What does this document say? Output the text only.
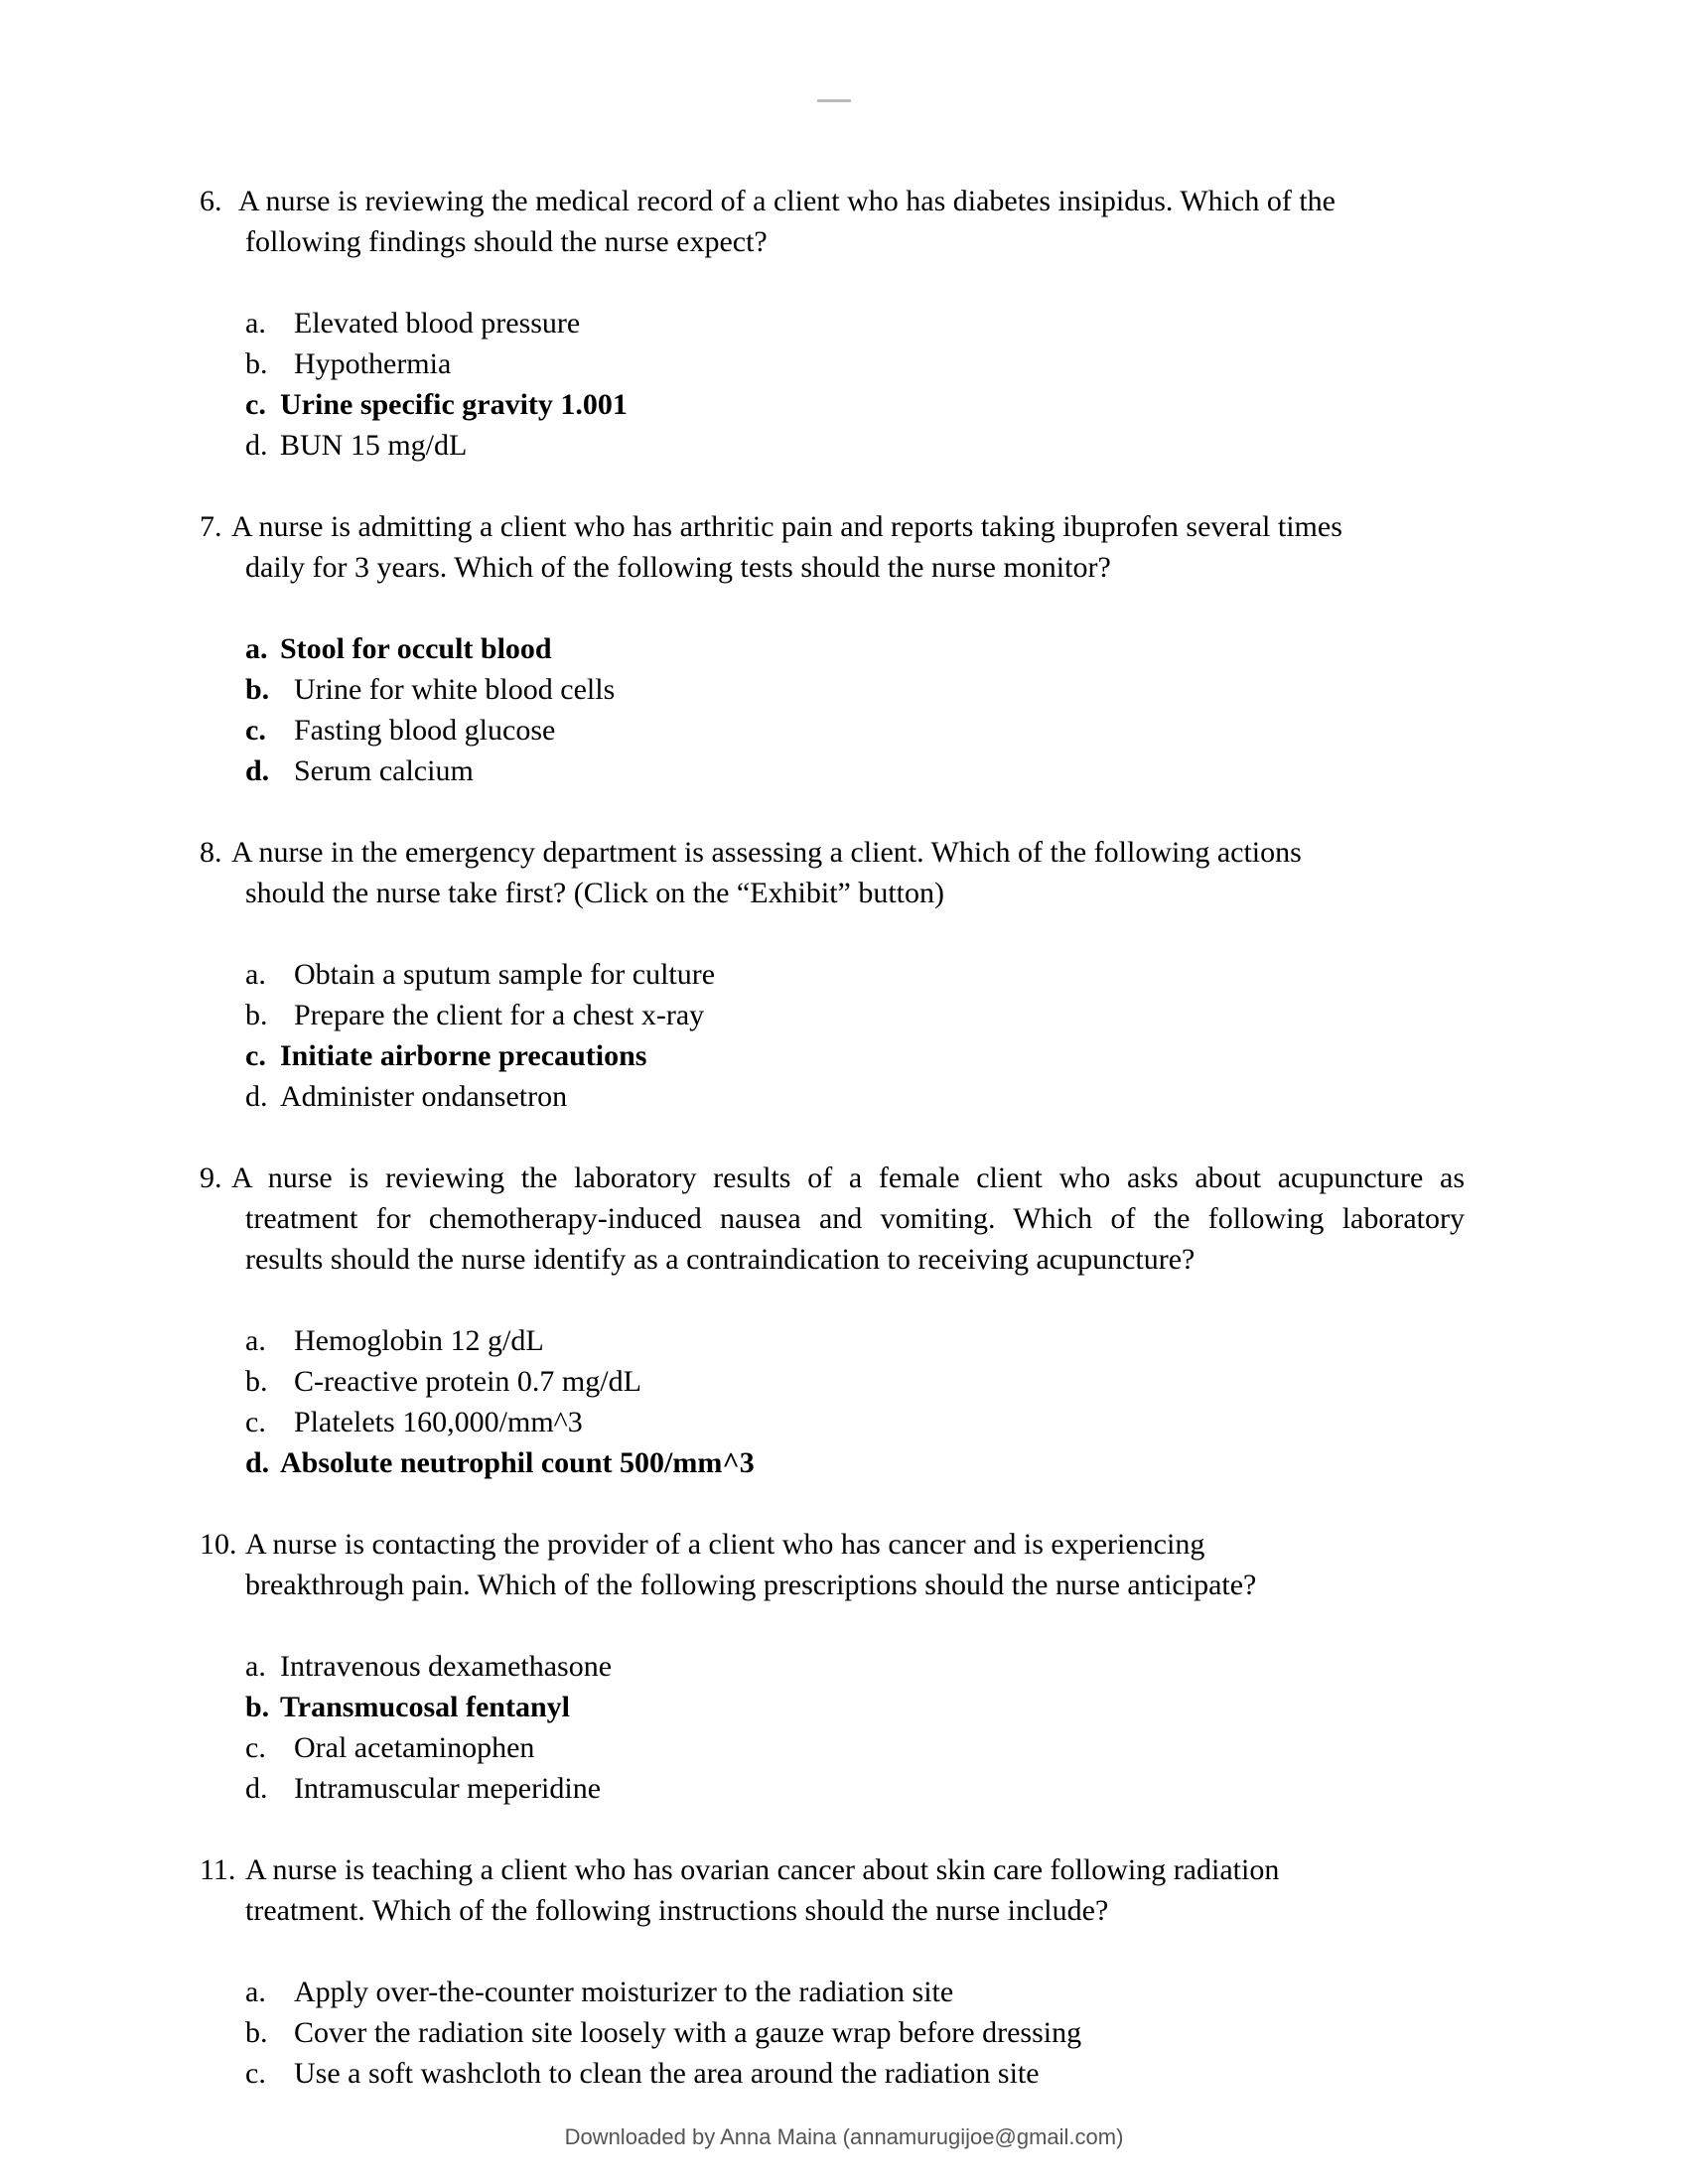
6. A nurse is reviewing the medical record of a client who has diabetes insipidus. Which of the
following findings should the nurse expect?
a. Elevated blood pressure
b. Hypothermia
c. Urine specific gravity 1.001
d. BUN 15 mg/dL
7. A nurse is admitting a client who has arthritic pain and reports taking ibuprofen several times
daily for 3 years. Which of the following tests should the nurse monitor?
a. Stool for occult blood
b. Urine for white blood cells
c. Fasting blood glucose
d. Serum calcium
8. A nurse in the emergency department is assessing a client. Which of the following actions
should the nurse take first? (Click on the “Exhibit” button)
a. Obtain a sputum sample for culture
b. Prepare the client for a chest x-ray
c. Initiate airborne precautions
d. Administer ondansetron
9. A nurse is reviewing the laboratory results of a female client who asks about acupuncture as
treatment for chemotherapy-induced nausea and vomiting. Which of the following laboratory
results should the nurse identify as a contraindication to receiving acupuncture?
a. Hemoglobin 12 g/dL
b. C-reactive protein 0.7 mg/dL
c. Platelets 160,000/mm^3
d. Absolute neutrophil count 500/mm^3
10. A nurse is contacting the provider of a client who has cancer and is experiencing
breakthrough pain. Which of the following prescriptions should the nurse anticipate?
a. Intravenous dexamethasone
b. Transmucosal fentanyl
c. Oral acetaminophen
d. Intramuscular meperidine
11. A nurse is teaching a client who has ovarian cancer about skin care following radiation
treatment. Which of the following instructions should the nurse include?
a. Apply over-the-counter moisturizer to the radiation site
b. Cover the radiation site loosely with a gauze wrap before dressing
c. Use a soft washcloth to clean the area around the radiation site
Downloaded by Anna Maina (annamurugijoe@gmail.com)
